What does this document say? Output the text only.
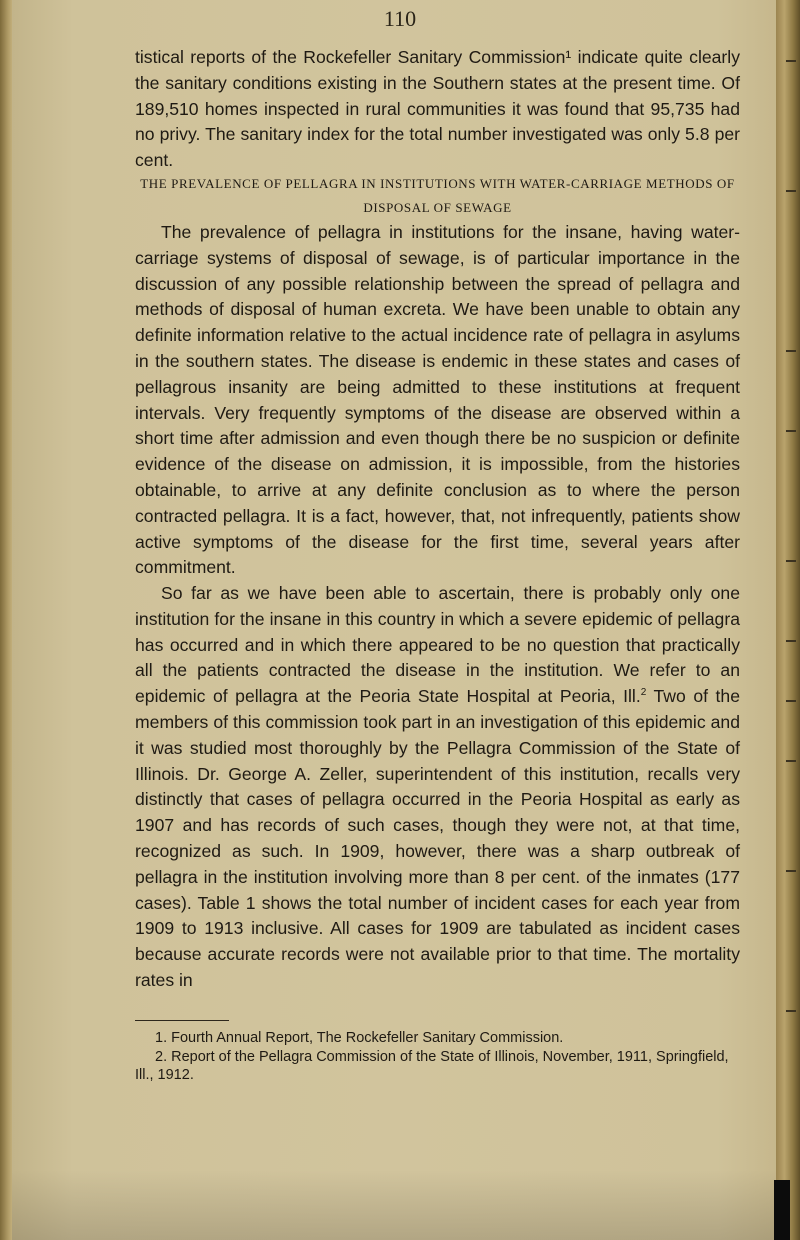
110

tistical reports of the Rockefeller Sanitary Commission¹ indicate quite clearly the sanitary conditions existing in the Southern states at the present time. Of 189,510 homes inspected in rural communities it was found that 95,735 had no privy. The sanitary index for the total number investigated was only 5.8 per cent.

THE PREVALENCE OF PELLAGRA IN INSTITUTIONS WITH WATER-CARRIAGE METHODS OF DISPOSAL OF SEWAGE

The prevalence of pellagra in institutions for the insane, having water-carriage systems of disposal of sewage, is of particular importance in the discussion of any possible relationship between the spread of pellagra and methods of disposal of human excreta. We have been unable to obtain any definite information relative to the actual incidence rate of pellagra in asylums in the southern states. The disease is endemic in these states and cases of pellagrous insanity are being admitted to these institutions at frequent intervals. Very frequently symptoms of the disease are observed within a short time after admission and even though there be no suspicion or definite evidence of the disease on admission, it is impossible, from the histories obtainable, to arrive at any definite conclusion as to where the person contracted pellagra. It is a fact, however, that, not infrequently, patients show active symptoms of the disease for the first time, several years after commitment.

So far as we have been able to ascertain, there is probably only one institution for the insane in this country in which a severe epidemic of pellagra has occurred and in which there appeared to be no question that practically all the patients contracted the disease in the institution. We refer to an epidemic of pellagra at the Peoria State Hospital at Peoria, Ill.$^2$ Two of the members of this commission took part in an investigation of this epidemic and it was studied most thoroughly by the Pellagra Commission of the State of Illinois. Dr. George A. Zeller, superintendent of this institution, recalls very distinctly that cases of pellagra occurred in the Peoria Hospital as early as 1907 and has records of such cases, though they were not, at that time, recognized as such. In 1909, however, there was a sharp outbreak of pellagra in the institution involving more than 8 per cent. of the inmates (177 cases). Table 1 shows the total number of incident cases for each year from 1909 to 1913 inclusive. All cases for 1909 are tabulated as incident cases because accurate records were not available prior to that time. The mortality rates in

1. Fourth Annual Report, The Rockefeller Sanitary Commission.

2. Report of the Pellagra Commission of the State of Illinois, November, 1911, Springfield, Ill., 1912.
